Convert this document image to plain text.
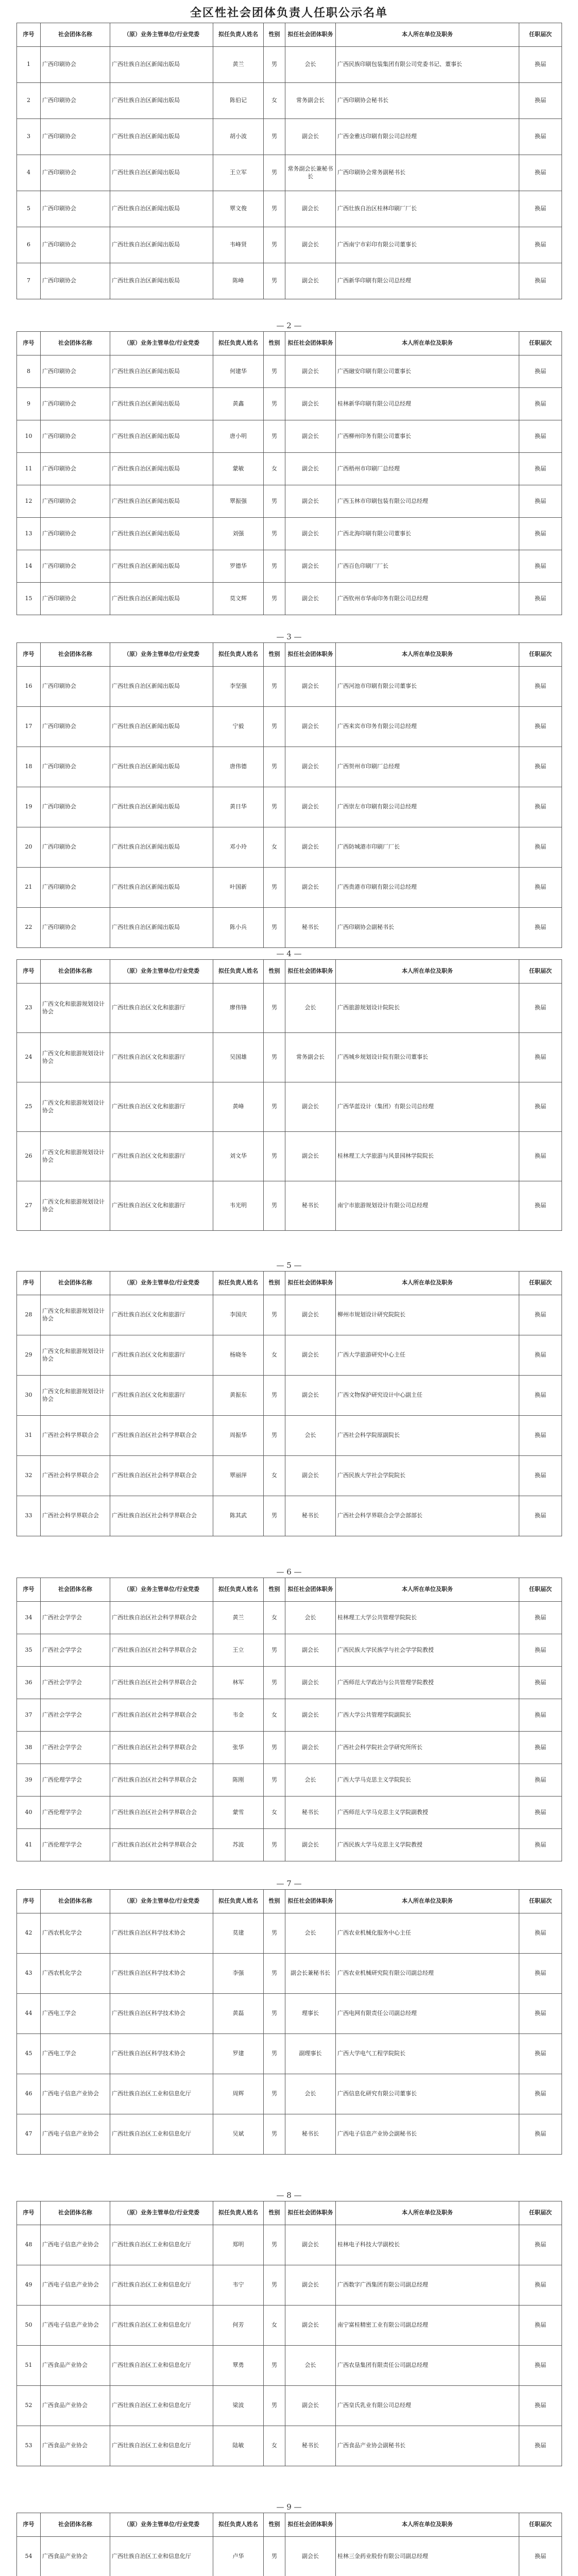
全区性社会团体负责人任职公示名单
序号	社会团体名称	（原）业务主管单位/行业党委	拟任负责人姓名	性别	拟任社会团体职务	本人所在单位及职务	任职届次
1	广西印刷协会	广西壮族自治区新闻出版局	黄兰	男	会长	广西民族印刷包装集团有限公司党委书记、董事长	换届
2	广西印刷协会	广西壮族自治区新闻出版局	陈伯记	女	常务副会长	广西印刷协会秘书长	换届
3	广西印刷协会	广西壮族自治区新闻出版局	胡小波	男	副会长	广西金雅达印刷有限公司总经理	换届
4	广西印刷协会	广西壮族自治区新闻出版局	王立军	男	常务副会长兼秘书长	广西印刷协会常务副秘书长	换届
5	广西印刷协会	广西壮族自治区新闻出版局	覃文俊	男	副会长	广西壮族自治区桂林印刷厂厂长	换届
6	广西印刷协会	广西壮族自治区新闻出版局	韦峰贤	男	副会长	广西南宁市彩印有限公司董事长	换届
7	广西印刷协会	广西壮族自治区新闻出版局	陈峰	男	副会长	广西新华印刷有限公司总经理	换届
— 2 —
序号	社会团体名称	（原）业务主管单位/行业党委	拟任负责人姓名	性别	拟任社会团体职务	本人所在单位及职务	任职届次
8	广西印刷协会	广西壮族自治区新闻出版局	何建华	男	副会长	广西融安印刷有限公司董事长	换届
9	广西印刷协会	广西壮族自治区新闻出版局	黄鑫	男	副会长	桂林新华印刷有限公司总经理	换届
10	广西印刷协会	广西壮族自治区新闻出版局	唐小明	男	副会长	广西柳州印务有限公司董事长	换届
11	广西印刷协会	广西壮族自治区新闻出版局	蒙敏	女	副会长	广西梧州市印刷厂总经理	换届
12	广西印刷协会	广西壮族自治区新闻出版局	覃振强	男	副会长	广西玉林市印刷包装有限公司总经理	换届
13	广西印刷协会	广西壮族自治区新闻出版局	刘强	男	副会长	广西北海印刷有限公司董事长	换届
14	广西印刷协会	广西壮族自治区新闻出版局	罗德华	男	副会长	广西百色印刷厂厂长	换届
15	广西印刷协会	广西壮族自治区新闻出版局	莫文辉	男	副会长	广西钦州市华南印务有限公司总经理	换届
— 3 —
序号	社会团体名称	（原）业务主管单位/行业党委	拟任负责人姓名	性别	拟任社会团体职务	本人所在单位及职务	任职届次
16	广西印刷协会	广西壮族自治区新闻出版局	李坚强	男	副会长	广西河池市印刷有限公司董事长	换届
17	广西印刷协会	广西壮族自治区新闻出版局	宁毅	男	副会长	广西来宾市印务有限公司总经理	换届
18	广西印刷协会	广西壮族自治区新闻出版局	唐伟德	男	副会长	广西贺州市印刷厂总经理	换届
19	广西印刷协会	广西壮族自治区新闻出版局	黄日华	男	副会长	广西崇左市印刷有限公司总经理	换届
20	广西印刷协会	广西壮族自治区新闻出版局	邓小玲	女	副会长	广西防城港市印刷厂厂长	换届
21	广西印刷协会	广西壮族自治区新闻出版局	叶国新	男	副会长	广西贵港市印刷有限公司总经理	换届
22	广西印刷协会	广西壮族自治区新闻出版局	陈小兵	男	秘书长	广西印刷协会副秘书长	换届
— 4 —
序号	社会团体名称	（原）业务主管单位/行业党委	拟任负责人姓名	性别	拟任社会团体职务	本人所在单位及职务	任职届次
23	广西文化和旅游规划设计协会	广西壮族自治区文化和旅游厅	廖伟锋	男	会长	广西旅游规划设计院院长	换届
24	广西文化和旅游规划设计协会	广西壮族自治区文化和旅游厅	吴国雄	男	常务副会长	广西城乡规划设计院有限公司董事长	换届
25	广西文化和旅游规划设计协会	广西壮族自治区文化和旅游厅	黄峰	男	副会长	广西华蓝设计（集团）有限公司总经理	换届
26	广西文化和旅游规划设计协会	广西壮族自治区文化和旅游厅	刘文华	男	副会长	桂林理工大学旅游与风景园林学院院长	换届
27	广西文化和旅游规划设计协会	广西壮族自治区文化和旅游厅	韦光明	男	秘书长	南宁市旅游规划设计有限公司总经理	换届
— 5 —
序号	社会团体名称	（原）业务主管单位/行业党委	拟任负责人姓名	性别	拟任社会团体职务	本人所在单位及职务	任职届次
28	广西文化和旅游规划设计协会	广西壮族自治区文化和旅游厅	李国庆	男	副会长	柳州市规划设计研究院院长	换届
29	广西文化和旅游规划设计协会	广西壮族自治区文化和旅游厅	杨晓冬	女	副会长	广西大学旅游研究中心主任	换届
30	广西文化和旅游规划设计协会	广西壮族自治区文化和旅游厅	黄振东	男	副会长	广西文物保护研究设计中心副主任	换届
31	广西社会科学界联合会	广西壮族自治区社会科学界联合会	周振华	男	会长	广西社会科学院原副院长	换届
32	广西社会科学界联合会	广西壮族自治区社会科学界联合会	覃丽萍	女	副会长	广西民族大学社会学院院长	换届
33	广西社会科学界联合会	广西壮族自治区社会科学界联合会	陈其武	男	秘书长	广西社会科学界联合会学会部部长	换届
— 6 —
序号	社会团体名称	（原）业务主管单位/行业党委	拟任负责人姓名	性别	拟任社会团体职务	本人所在单位及职务	任职届次
34	广西社会学学会	广西壮族自治区社会科学界联合会	黄兰	女	会长	桂林理工大学公共管理学院院长	换届
35	广西社会学学会	广西壮族自治区社会科学界联合会	王立	男	副会长	广西民族大学民族学与社会学学院教授	换届
36	广西社会学学会	广西壮族自治区社会科学界联合会	林军	男	副会长	广西师范大学政治与公共管理学院教授	换届
37	广西社会学学会	广西壮族自治区社会科学界联合会	韦金	女	副会长	广西大学公共管理学院副院长	换届
38	广西社会学学会	广西壮族自治区社会科学界联合会	张华	男	副会长	广西社会科学院社会学研究所所长	换届
39	广西伦理学学会	广西壮族自治区社会科学界联合会	陈刚	男	会长	广西大学马克思主义学院院长	换届
40	广西伦理学学会	广西壮族自治区社会科学界联合会	蒙雪	女	秘书长	广西师范大学马克思主义学院副教授	换届
41	广西伦理学学会	广西壮族自治区社会科学界联合会	苏波	男	副会长	广西民族大学马克思主义学院教授	换届
— 7 —
序号	社会团体名称	（原）业务主管单位/行业党委	拟任负责人姓名	性别	拟任社会团体职务	本人所在单位及职务	任职届次
42	广西农机化学会	广西壮族自治区科学技术协会	莫建	男	会长	广西农业机械化服务中心主任	换届
43	广西农机化学会	广西壮族自治区科学技术协会	李强	男	副会长兼秘书长	广西农业机械研究院有限公司副总经理	换届
44	广西电工学会	广西壮族自治区科学技术协会	黄磊	男	理事长	广西电网有限责任公司副总经理	换届
45	广西电工学会	广西壮族自治区科学技术协会	罗建	男	副理事长	广西大学电气工程学院院长	换届
46	广西电子信息产业协会	广西壮族自治区工业和信息化厅	周辉	男	会长	广西信息化研究有限公司董事长	换届
47	广西电子信息产业协会	广西壮族自治区工业和信息化厅	吴斌	男	秘书长	广西电子信息产业协会副秘书长	换届
— 8 —
序号	社会团体名称	（原）业务主管单位/行业党委	拟任负责人姓名	性别	拟任社会团体职务	本人所在单位及职务	任职届次
48	广西电子信息产业协会	广西壮族自治区工业和信息化厅	郑明	男	副会长	桂林电子科技大学副校长	换届
49	广西电子信息产业协会	广西壮族自治区工业和信息化厅	韦宁	男	副会长	广西数字广西集团有限公司副总经理	换届
50	广西电子信息产业协会	广西壮族自治区工业和信息化厅	何芳	女	副会长	南宁富桂精密工业有限公司副总经理	换届
51	广西食品产业协会	广西壮族自治区工业和信息化厅	覃勇	男	会长	广西农垦集团有限责任公司副总经理	换届
52	广西食品产业协会	广西壮族自治区工业和信息化厅	梁波	男	副会长	广西皇氏乳业有限公司总经理	换届
53	广西食品产业协会	广西壮族自治区工业和信息化厅	陆敏	女	秘书长	广西食品产业协会副秘书长	换届
— 9 —
序号	社会团体名称	（原）业务主管单位/行业党委	拟任负责人姓名	性别	拟任社会团体职务	本人所在单位及职务	任职届次
54	广西食品产业协会	广西壮族自治区工业和信息化厅	卢华	男	副会长	桂林三金药业股份有限公司副总经理	换届
